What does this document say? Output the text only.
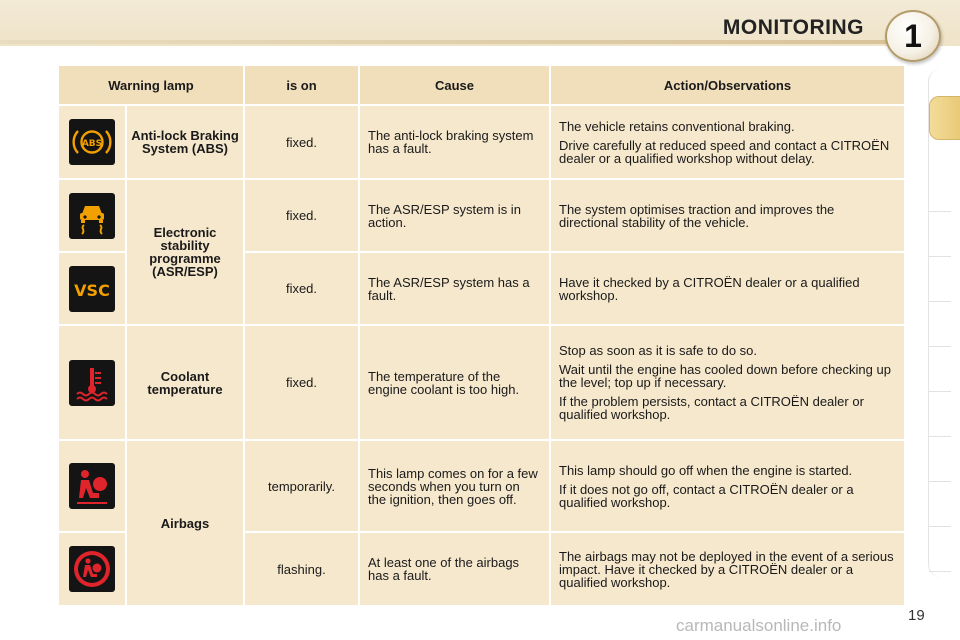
MONITORING	1
Warning lamp		is on	Cause	Action/Observations

ABS	Anti-lock Braking System (ABS)	fixed.	The anti-lock braking system has a fault.	The vehicle retains conventional braking.

Drive carefully at reduced speed and contact a CITROËN dealer or a qualified workshop without delay.

	Electronic stability programme (ASR/ESP)	fixed.	The ASR/ESP system is in action.	The system optimises traction and improves the directional stability of the vehicle.

VSC		fixed.	The ASR/ESP system has a fault.	Have it checked by a CITROËN dealer or a qualified workshop.

	Coolant temperature	fixed.	The temperature of the engine coolant is too high.	Stop as soon as it is safe to do so.

Wait until the engine has cooled down before checking up the level; top up if necessary.

If the problem persists, contact a CITROËN dealer or qualified workshop.

	Airbags	temporarily.	This lamp comes on for a few seconds when you turn on the ignition, then goes off.	This lamp should go off when the engine is started.

If it does not go off, contact a CITROËN dealer or a qualified workshop.

	flashing.	At least one of the airbags has a fault.	The airbags may not be deployed in the event of a serious impact. Have it checked by a CITROËN dealer or a qualified workshop.

19
carmanualsonline.info
